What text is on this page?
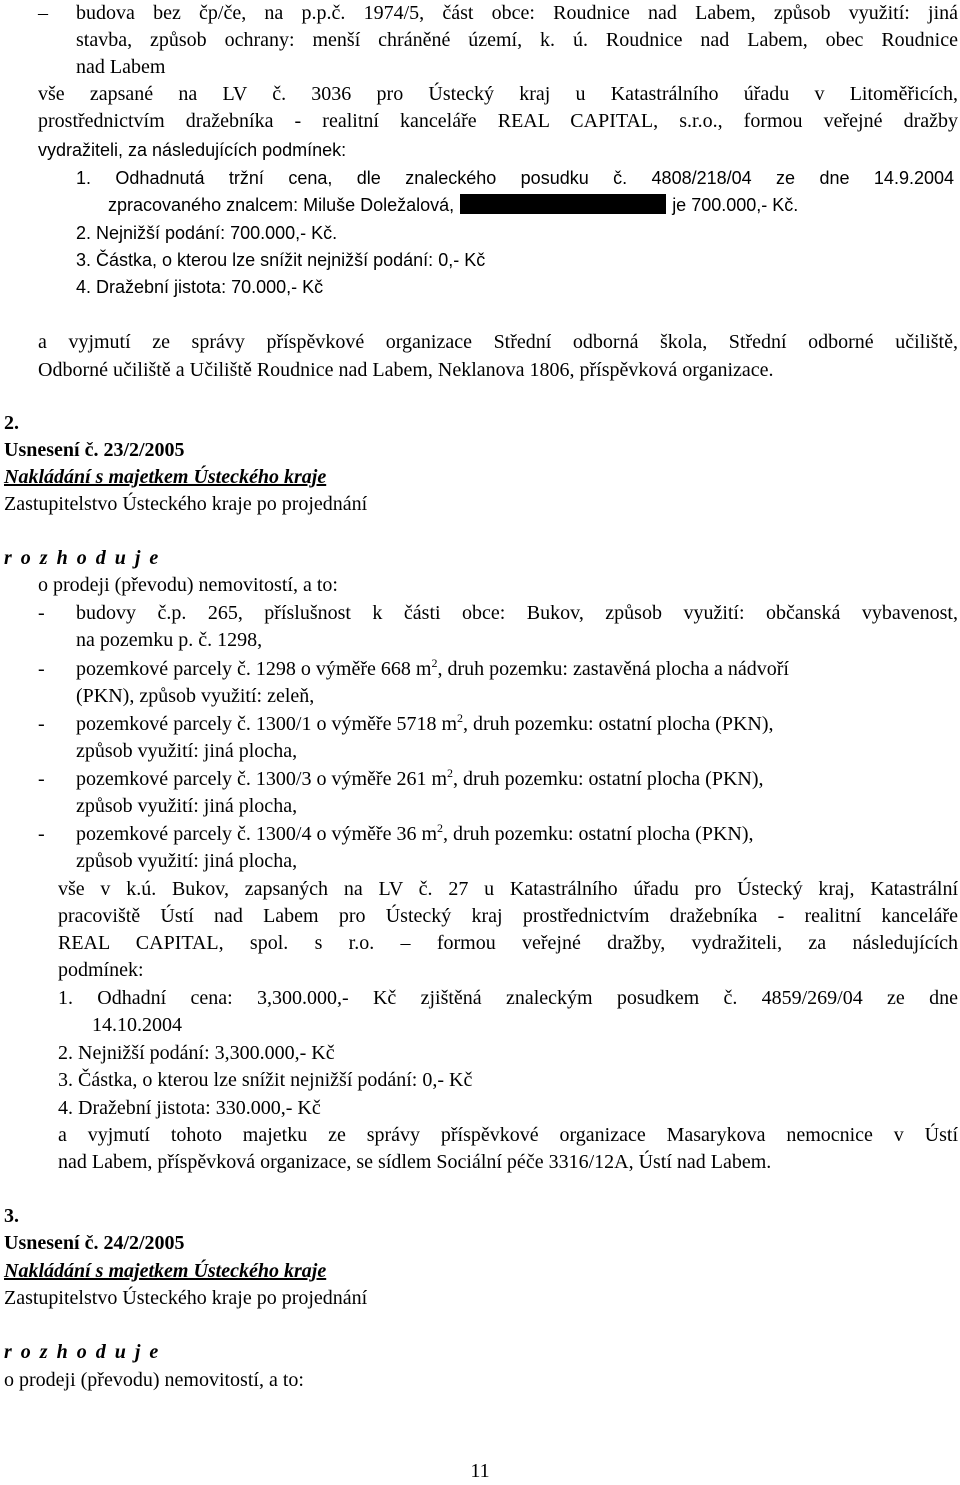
– budova bez čp/če, na p.p.č. 1974/5, část obce: Roudnice nad Labem, způsob využití: jiná
stavba, způsob ochrany: menší chráněné území, k. ú. Roudnice nad Labem, obec Roudnice
nad Labem
vše zapsané na LV č. 3036 pro Ústecký kraj u Katastrálního úřadu v Litoměřicích,
prostřednictvím dražebníka - realitní kanceláře REAL CAPITAL, s.r.o., formou veřejné dražby
vydražiteli, za následujících podmínek:
1. Odhadnutá tržní cena, dle znaleckého posudku č. 4808/218/04 ze dne 14.9.2004
zpracovaného znalcem: Miluše Doležalová,	je 700.000,- Kč.
2. Nejnižší podání: 700.000,- Kč.
3. Částka, o kterou lze snížit nejnižší podání: 0,- Kč
4. Dražební jistota: 70.000,- Kč
a vyjmutí ze správy příspěvkové organizace Střední odborná škola, Střední odborné učiliště,
Odborné učiliště a Učiliště Roudnice nad Labem, Neklanova 1806, příspěvková organizace.
2.
Usnesení č. 23/2/2005
Nakládání s majetkem Ústeckého kraje
Zastupitelstvo Ústeckého kraje po projednání
r o z h o d u j e
o prodeji (převodu) nemovitostí, a to:
- budovy č.p. 265, příslušnost k části obce: Bukov, způsob využití: občanská vybavenost,
na pozemku p. č. 1298,
- pozemkové parcely č. 1298 o výměře 668 $m^2$, druh pozemku: zastavěná plocha a nádvoří
(PKN), způsob využití: zeleň,
- pozemkové parcely č. 1300/1 o výměře 5718 $m^2$, druh pozemku: ostatní plocha (PKN),
způsob využití: jiná plocha,
- pozemkové parcely č. 1300/3 o výměře 261 $m^2$, druh pozemku: ostatní plocha (PKN),
způsob využití: jiná plocha,
- pozemkové parcely č. 1300/4 o výměře 36 $m^2$, druh pozemku: ostatní plocha (PKN),
způsob využití: jiná plocha,
vše v k.ú. Bukov, zapsaných na LV č. 27 u Katastrálního úřadu pro Ústecký kraj, Katastrální
pracoviště Ústí nad Labem pro Ústecký kraj prostřednictvím dražebníka - realitní kanceláře
REAL CAPITAL, spol. s r.o. – formou veřejné dražby, vydražiteli, za následujících
podmínek:
1. Odhadní cena: 3,300.000,- Kč zjištěná znaleckým posudkem č. 4859/269/04 ze dne
14.10.2004
2. Nejnižší podání: 3,300.000,- Kč
3. Částka, o kterou lze snížit nejnižší podání: 0,- Kč
4. Dražební jistota: 330.000,- Kč
a vyjmutí tohoto majetku ze správy příspěvkové organizace Masarykova nemocnice v Ústí
nad Labem, příspěvková organizace, se sídlem Sociální péče 3316/12A, Ústí nad Labem.
3.
Usnesení č. 24/2/2005
Nakládání s majetkem Ústeckého kraje
Zastupitelstvo Ústeckého kraje po projednání
r o z h o d u j e
o prodeji (převodu) nemovitostí, a to:
11
